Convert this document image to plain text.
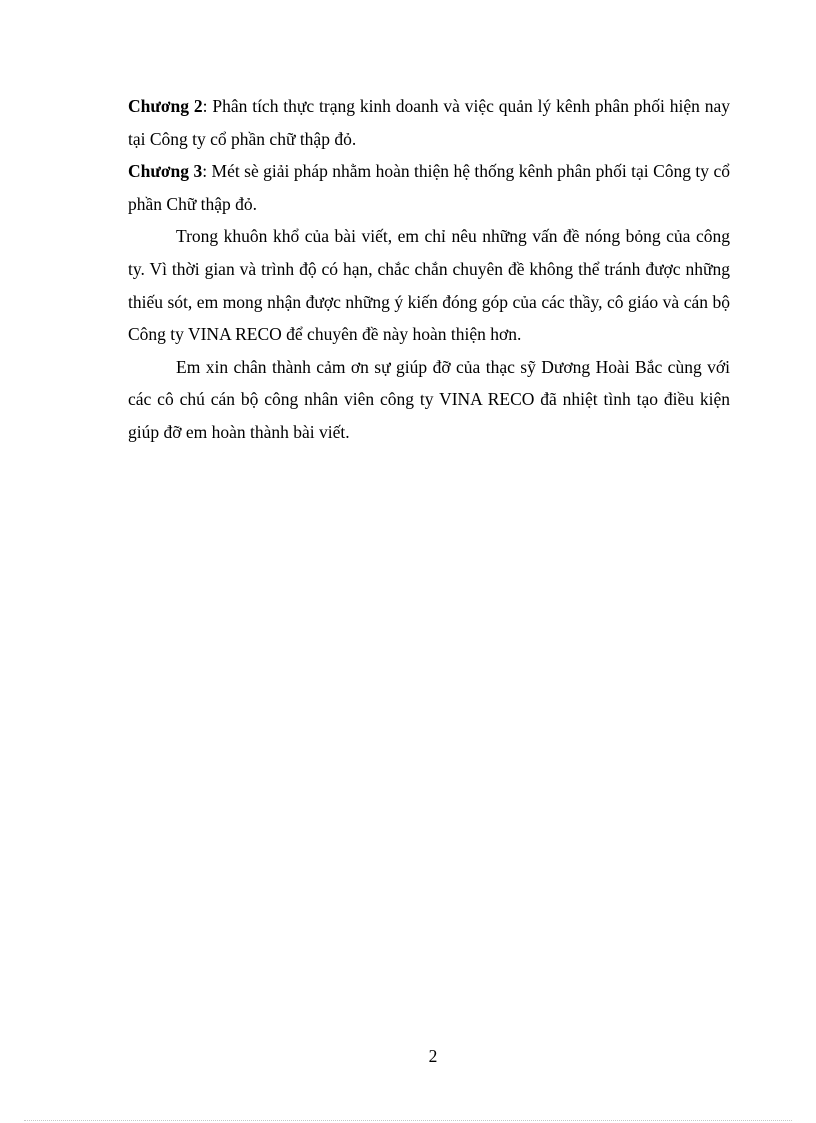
Chương 2: Phân tích thực trạng kinh doanh và việc quản lý kênh phân phối hiện nay tại Công ty cổ phần chữ thập đỏ.

Chương 3: Mét sè giải pháp nhằm hoàn thiện hệ thống kênh phân phối tại Công ty cổ phần Chữ thập đỏ.

Trong khuôn khổ của bài viết, em chỉ nêu những vấn đề nóng bỏng của công ty. Vì thời gian và trình độ có hạn, chắc chắn chuyên đề không thể tránh được những thiếu sót, em mong nhận được những ý kiến đóng góp của các thầy, cô giáo và cán bộ Công ty VINA RECO để chuyên đề này hoàn thiện hơn.

Em xin chân thành cảm ơn sự giúp đỡ của thạc sỹ Dương Hoài Bắc cùng với các cô chú cán bộ công nhân viên công ty VINA RECO đã nhiệt tình tạo điều kiện giúp đỡ em hoàn thành bài viết.

2
